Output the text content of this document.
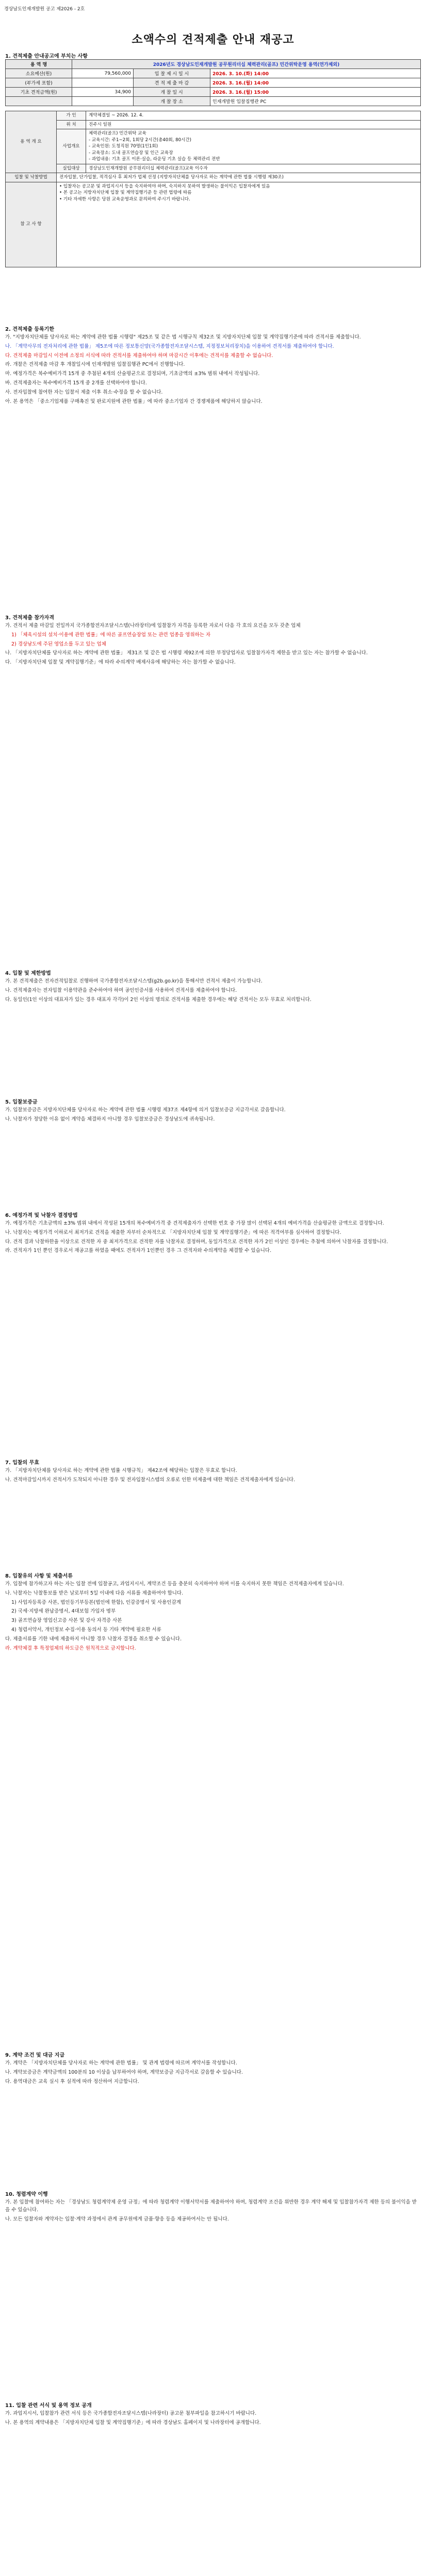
경상남도인재개발원 공고 제2026 - 2호
소액수의 견적제출 안내 재공고
1. 견적제출 안내공고에 부치는 사항
용 역 명	2026년도 경상남도인재개발원 공무원리더십 체력관리(골프) 민간위탁운영 용역(연가제외)		
소요예산(원)	79,560,000	입 찰 제 시 일 시	2026. 3. 10.(화) 14:00
(부가세 포함)		견 적 제 출 마 감	2026. 3. 16.(월) 14:00
기초 견적금액(원)	34,900	개 찰 일 시	2026. 3. 16.(월) 15:00
		개 찰 장 소	인재개발원 입찰집행관 PC
용 역 개 요	가 인	계약체결일 ~ 2026. 12. 4.
	위 치	진주시 일원
	사업개요	체력관리(골프) 민간위탁 교육
- 교육시간: 주1~2회, 1회당 2시간(총40회, 80시간)
- 교육인원: 도청직원 70명(1인1회)
- 교육장소: 도내 골프연습장 및 인근 교육장
- 과업내용: 기초 골프 이론·실습, 라운딩 기초 실습 등 체력관리 전반
	실입대상	경상남도인재개발원 공무원리더십 체력관리(골프)교육 이수자
입찰 및 낙찰방법	전자입찰, 단가입찰, 적격심사 후 최저가 업체 선정 (지방자치단체를 당사자로 하는 계약에 관한 법률 시행령 제30조)	
참 고 사 항	• 입찰자는 공고문 및 과업지시서 등을 숙지하여야 하며, 숙지하지 못하여 발생하는 불이익은 입찰자에게 있음
• 본 공고는 지방자치단체 입찰 및 계약집행기준 등 관련 법령에 따름
• 기타 자세한 사항은 당원 교육운영과로 문의하여 주시기 바랍니다.	
2. 견적제출 등록기한

가. "지방자치단체를 당사자로 하는 계약에 관한 법률 시행령" 제25조 및 같은 법 시행규칙 제32조 및 지방자치단체 입찰 및 계약집행기준에 따라 견적서를 제출합니다.

나. 「계약사무의 전자처리에 관한 법률」 제5조에 따른 정보통신망(국가종합전자조달시스템, 지정정보처리장치)을 이용하여 견적서를 제출하여야 합니다.

다. 견적제출 마감일시 이전에 소정의 서식에 따라 견적서를 제출하여야 하며 마감시간 이후에는 견적서를 제출할 수 없습니다.

라. 개찰은 견적제출 마감 후 개찰일시에 인재개발원 입찰집행관 PC에서 진행합니다.

마. 예정가격은 복수예비가격 15개 중 추첨된 4개의 산술평균으로 결정되며, 기초금액의 ±3% 범위 내에서 작성됩니다.

바. 견적제출자는 복수예비가격 15개 중 2개를 선택하여야 합니다.

사. 전자입찰에 참여한 자는 입찰서 제출 이후 취소·수정을 할 수 없습니다.

아. 본 용역은 「중소기업제품 구매촉진 및 판로지원에 관한 법률」에 따라 중소기업자 간 경쟁제품에 해당하지 않습니다.

3. 견적제출 참가자격

가. 견적서 제출 마감일 전일까지 국가종합전자조달시스템(나라장터)에 입찰참가 자격을 등록한 자로서 다음 각 호의 요건을 모두 갖춘 업체

1) 「체육시설의 설치·이용에 관한 법률」에 따른 골프연습장업 또는 관련 업종을 영위하는 자

2) 경상남도에 주된 영업소를 두고 있는 업체

나. 「지방자치단체를 당사자로 하는 계약에 관한 법률」 제31조 및 같은 법 시행령 제92조에 의한 부정당업자로 입찰참가자격 제한을 받고 있는 자는 참가할 수 없습니다.

다. 「지방자치단체 입찰 및 계약집행기준」에 따라 수의계약 배제사유에 해당하는 자는 참가할 수 없습니다.

4. 입찰 및 제한방법

가. 본 견적제출은 전자견적입찰로 진행하며 국가종합전자조달시스템(g2b.go.kr)을 통해서만 견적서 제출이 가능합니다.

나. 견적제출자는 전자입찰 이용약관을 준수하여야 하며 공인인증서를 사용하여 견적서를 제출하여야 합니다.

다. 동일인(1인 이상의 대표자가 있는 경우 대표자 각각)이 2인 이상의 명의로 견적서를 제출한 경우에는 해당 견적서는 모두 무효로 처리합니다.

5. 입찰보증금

가. 입찰보증금은 지방자치단체를 당사자로 하는 계약에 관한 법률 시행령 제37조 제4항에 의거 입찰보증금 지급각서로 갈음합니다.

나. 낙찰자가 정당한 이유 없이 계약을 체결하지 아니할 경우 입찰보증금은 경상남도에 귀속됩니다.

6. 예정가격 및 낙찰자 결정방법

가. 예정가격은 기초금액의 ±3% 범위 내에서 작성된 15개의 복수예비가격 중 견적제출자가 선택한 번호 중 가장 많이 선택된 4개의 예비가격을 산술평균한 금액으로 결정합니다.

나. 낙찰자는 예정가격 이하로서 최저가로 견적을 제출한 자부터 순차적으로 「지방자치단체 입찰 및 계약집행기준」에 따른 적격여부를 심사하여 결정합니다.

다. 견적 결과 낙찰하한율 이상으로 견적한 자 중 최저가격으로 견적한 자를 낙찰자로 결정하며, 동일가격으로 견적한 자가 2인 이상인 경우에는 추첨에 의하여 낙찰자를 결정합니다.

라. 견적자가 1인 뿐인 경우로서 재공고를 하였을 때에도 견적자가 1인뿐인 경우 그 견적자와 수의계약을 체결할 수 있습니다.

7. 입찰의 무효

가. 「지방자치단체를 당사자로 하는 계약에 관한 법률 시행규칙」 제42조에 해당하는 입찰은 무효로 합니다.

나. 견적마감일시까지 견적서가 도착되지 아니한 경우 및 전자입찰시스템의 오류로 인한 미제출에 대한 책임은 견적제출자에게 있습니다.

8. 입찰유의 사항 및 제출서류

가. 입찰에 참가하고자 하는 자는 입찰 전에 입찰공고, 과업지시서, 계약조건 등을 충분히 숙지하여야 하며 이를 숙지하지 못한 책임은 견적제출자에게 있습니다.

나. 낙찰자는 낙찰통보를 받은 날로부터 5일 이내에 다음 서류를 제출하여야 합니다.

1) 사업자등록증 사본, 법인등기부등본(법인에 한함), 인감증명서 및 사용인감계

2) 국세·지방세 완납증명서, 4대보험 가입자 명부

3) 골프연습장 영업신고증 사본 및 강사 자격증 사본

4) 청렴서약서, 개인정보 수집·이용 동의서 등 기타 계약에 필요한 서류

다. 제출서류를 기한 내에 제출하지 아니할 경우 낙찰자 결정을 취소할 수 있습니다.

라. 계약체결 후 특정업체의 하도급은 원칙적으로 금지합니다.

9. 계약 조건 및 대금 지급

가. 계약은 「지방자치단체를 당사자로 하는 계약에 관한 법률」 및 관계 법령에 따르며 계약서를 작성합니다.

나. 계약보증금은 계약금액의 100분의 10 이상을 납부하여야 하며, 계약보증금 지급각서로 갈음할 수 있습니다.

다. 용역대금은 교육 실시 후 실적에 따라 정산하여 지급합니다.

10. 청렴계약 이행

가. 본 입찰에 참여하는 자는 「경상남도 청렴계약제 운영 규정」에 따라 청렴계약 이행서약서를 제출하여야 하며, 청렴계약 조건을 위반한 경우 계약 해제 및 입찰참가자격 제한 등의 불이익을 받을 수 있습니다.

나. 모든 입찰자와 계약자는 입찰·계약 과정에서 관계 공무원에게 금품·향응 등을 제공하여서는 안 됩니다.

11. 입찰 관련 서식 및 용역 정보 공개

가. 과업지시서, 입찰참가 관련 서식 등은 국가종합전자조달시스템(나라장터) 공고문 첨부파일을 참고하시기 바랍니다.

나. 본 용역의 계약내용은 「지방자치단체 입찰 및 계약집행기준」에 따라 경상남도 홈페이지 및 나라장터에 공개합니다.
